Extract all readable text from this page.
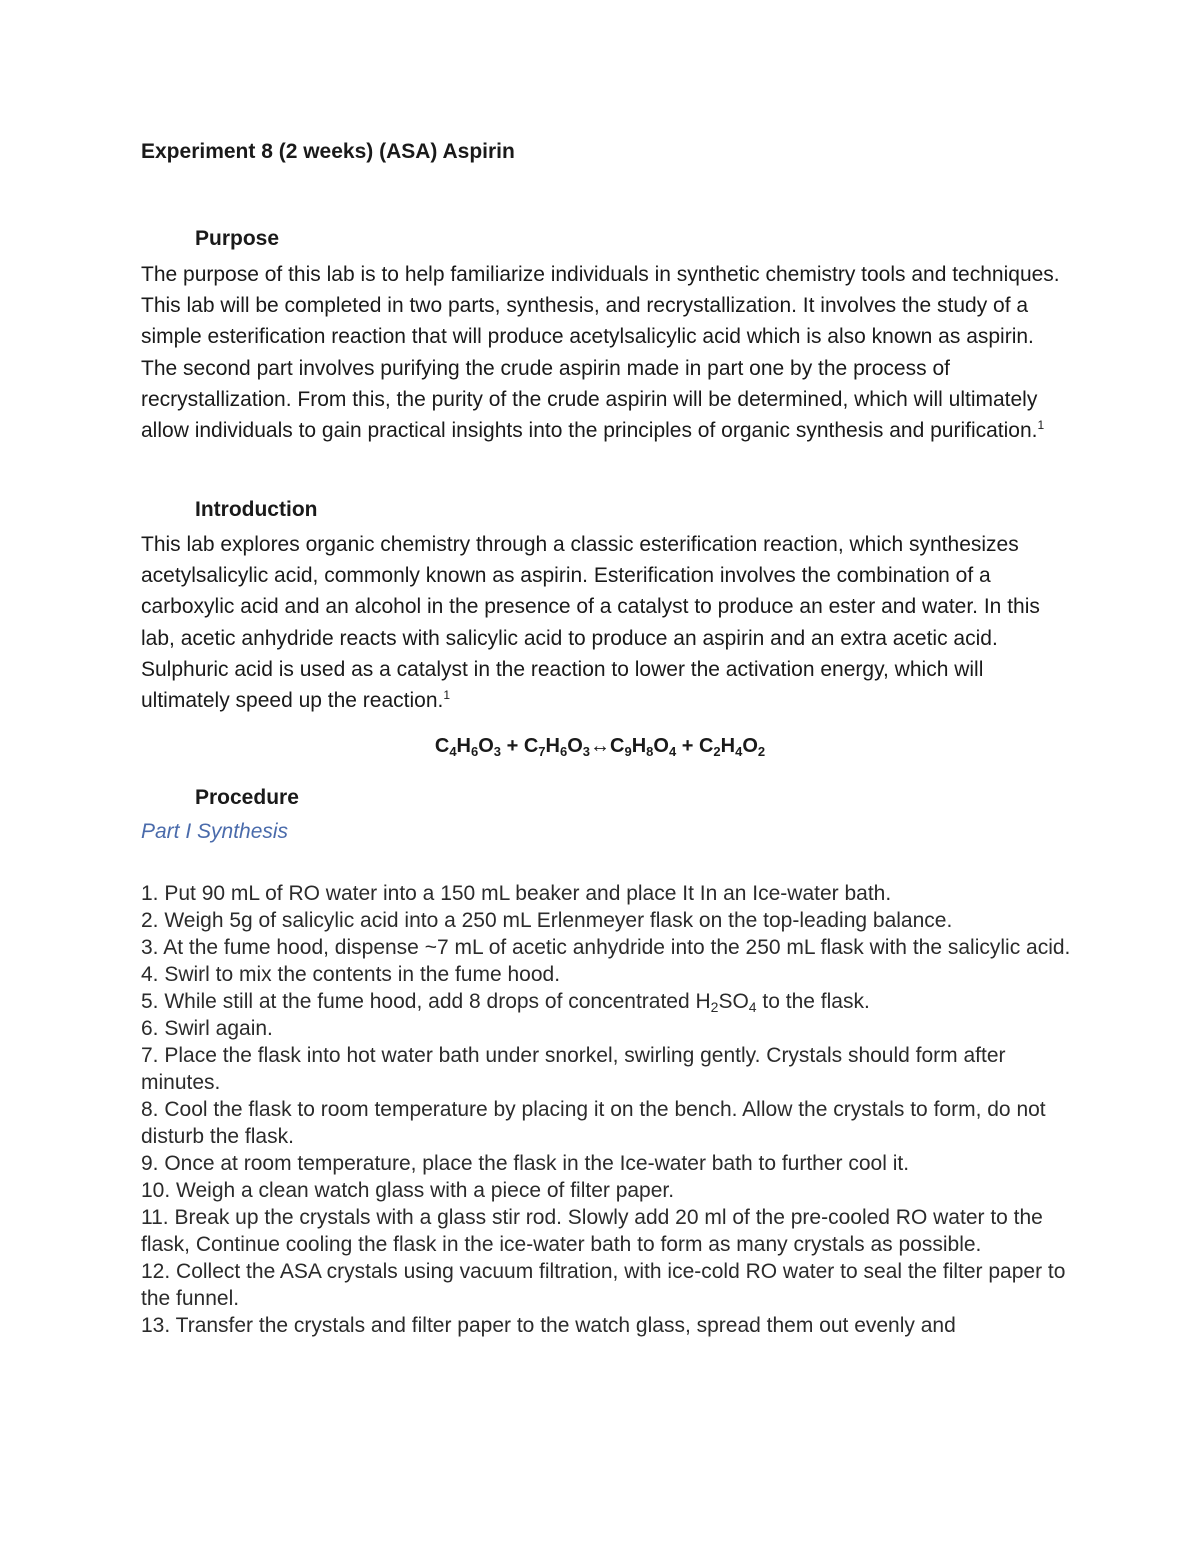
Experiment 8 (2 weeks) (ASA) Aspirin
Purpose

The purpose of this lab is to help familiarize individuals in synthetic chemistry tools and techniques. This lab will be completed in two parts, synthesis, and recrystallization. It involves the study of a simple esterification reaction that will produce acetylsalicylic acid which is also known as aspirin. The second part involves purifying the crude aspirin made in part one by the process of recrystallization. From this, the purity of the crude aspirin will be determined, which will ultimately allow individuals to gain practical insights into the principles of organic synthesis and purification.$^1$

Introduction

This lab explores organic chemistry through a classic esterification reaction, which synthesizes acetylsalicylic acid, commonly known as aspirin. Esterification involves the combination of a carboxylic acid and an alcohol in the presence of a catalyst to produce an ester and water. In this lab, acetic anhydride reacts with salicylic acid to produce an aspirin and an extra acetic acid. Sulphuric acid is used as a catalyst in the reaction to lower the activation energy, which will ultimately speed up the reaction.$^1$

$C_4H_6O_3$ + $C_7H_6O_3\leftrightarrow C_9H_8O_4 + C_2H_4O_2$

Procedure

Part I Synthesis

1. Put 90 mL of RO water into a 150 mL beaker and place It In an Ice-water bath.
2. Weigh 5g of salicylic acid into a 250 mL Erlenmeyer flask on the top-leading balance.
3. At the fume hood, dispense ~7 mL of acetic anhydride into the 250 mL flask with the salicylic acid.
4. Swirl to mix the contents in the fume hood.
5. While still at the fume hood, add 8 drops of concentrated $H_2SO_4$ to the flask.
6. Swirl again.
7. Place the flask into hot water bath under snorkel, swirling gently. Crystals should form after minutes.
8. Cool the flask to room temperature by placing it on the bench. Allow the crystals to form, do not disturb the flask.
9. Once at room temperature, place the flask in the Ice-water bath to further cool it.
10. Weigh a clean watch glass with a piece of filter paper.
11. Break up the crystals with a glass stir rod. Slowly add 20 ml of the pre-cooled RO water to the flask, Continue cooling the flask in the ice-water bath to form as many crystals as possible.
12. Collect the ASA crystals using vacuum filtration, with ice-cold RO water to seal the filter paper to the funnel.
13. Transfer the crystals and filter paper to the watch glass, spread them out evenly and
